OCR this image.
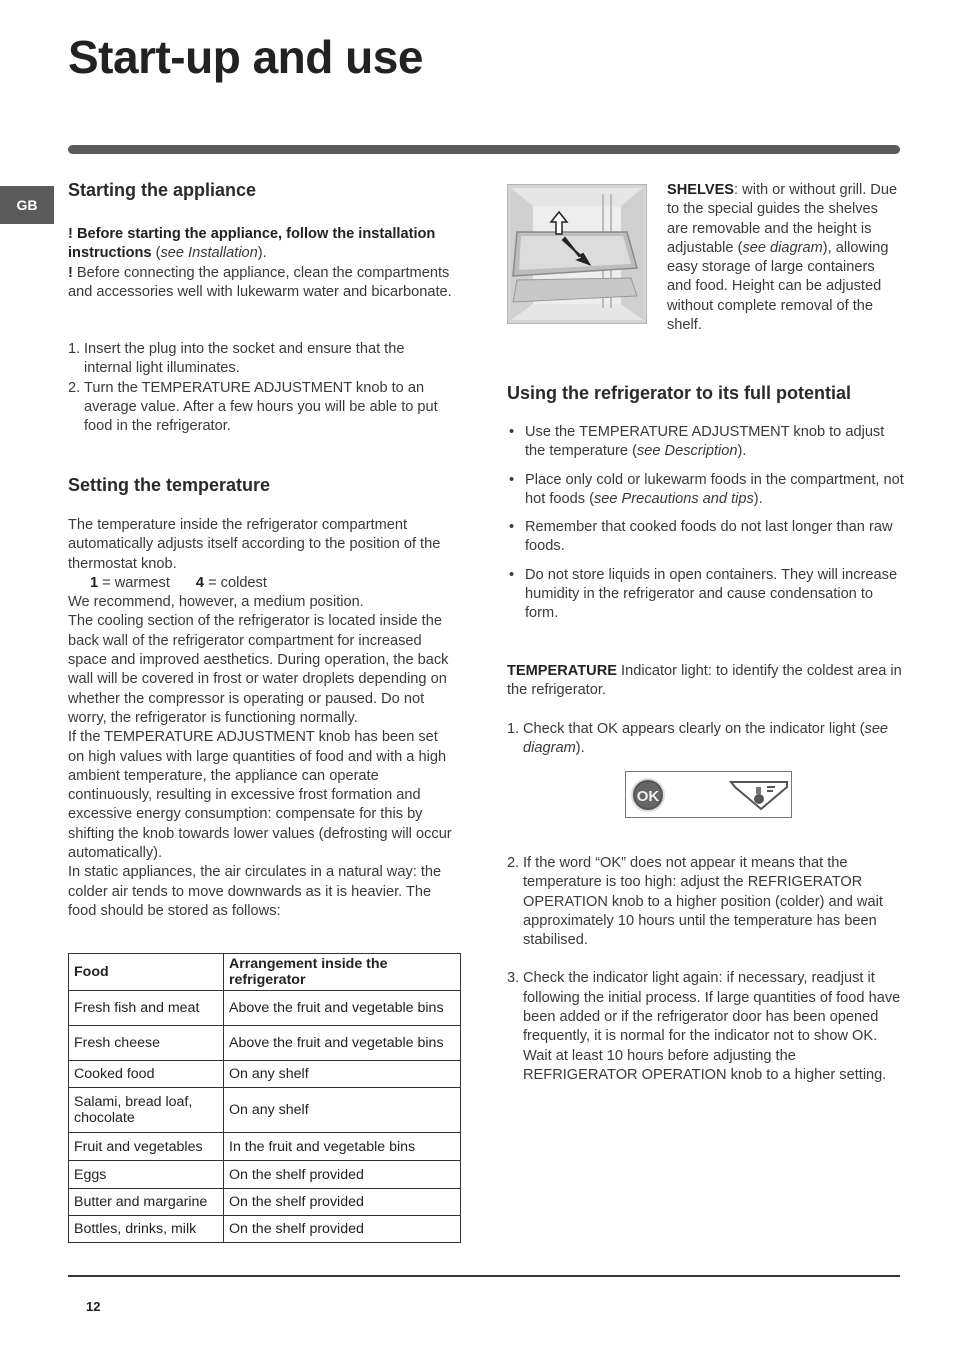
Start-up and use
GB
Starting the appliance

! Before starting the appliance, follow the installation instructions (see Installation).

! Before connecting the appliance, clean the compartments and accessories well with lukewarm water and bicarbonate.

1. Insert the plug into the socket and ensure that the internal light illuminates.
2. Turn the TEMPERATURE ADJUSTMENT knob to an average value. After a few hours you will be able to put food in the refrigerator.
Setting the temperature

The temperature inside the refrigerator compartment automatically adjusts itself according to the position of the thermostat knob.

1 = warmest 4 = coldest

We recommend, however, a medium position.

The cooling section of the refrigerator is located inside the back wall of the refrigerator compartment for increased space and improved aesthetics. During operation, the back wall will be covered in frost or water droplets depending on whether the compressor is operating or paused. Do not worry, the refrigerator is functioning normally.

If the TEMPERATURE ADJUSTMENT knob has been set on high values with large quantities of food and with a high ambient temperature, the appliance can operate continuously, resulting in excessive frost formation and excessive energy consumption: compensate for this by shifting the knob towards lower values (defrosting will occur automatically).

In static appliances, the air circulates in a natural way: the colder air tends to move downwards as it is heavier. The food should be stored as follows:

Food	Arrangement inside the refrigerator
Fresh fish and meat	Above the fruit and vegetable bins
Fresh cheese	Above the fruit and vegetable bins
Cooked food	On any shelf
Salami, bread loaf, chocolate	On any shelf
Fruit and vegetables	In the fruit and vegetable bins
Eggs	On the shelf provided
Butter and margarine	On the shelf provided
Bottles, drinks, milk	On the shelf provided
SHELVES: with or without grill. Due to the special guides the shelves are removable and the height is adjustable (see diagram), allowing easy storage of large containers and food. Height can be adjusted without complete removal of the shelf.
Using the refrigerator to its full potential
• Use the TEMPERATURE ADJUSTMENT knob to adjust the temperature (see Description).
• Place only cold or lukewarm foods in the compartment, not hot foods (see Precautions and tips).
• Remember that cooked foods do not last longer than raw foods.
• Do not store liquids in open containers. They will increase humidity in the refrigerator and cause condensation to form.
TEMPERATURE Indicator light: to identify the coldest area in the refrigerator.
1. Check that OK appears clearly on the indicator light (see diagram).
OK
2. If the word “OK” does not appear it means that the temperature is too high: adjust the REFRIGERATOR OPERATION knob to a higher position (colder) and wait approximately 10 hours until the temperature has been stabilised.
3. Check the indicator light again: if necessary, readjust it following the initial process. If large quantities of food have been added or if the refrigerator door has been opened frequently, it is normal for the indicator not to show OK. Wait at least 10 hours before adjusting the REFRIGERATOR OPERATION knob to a higher setting.
12
